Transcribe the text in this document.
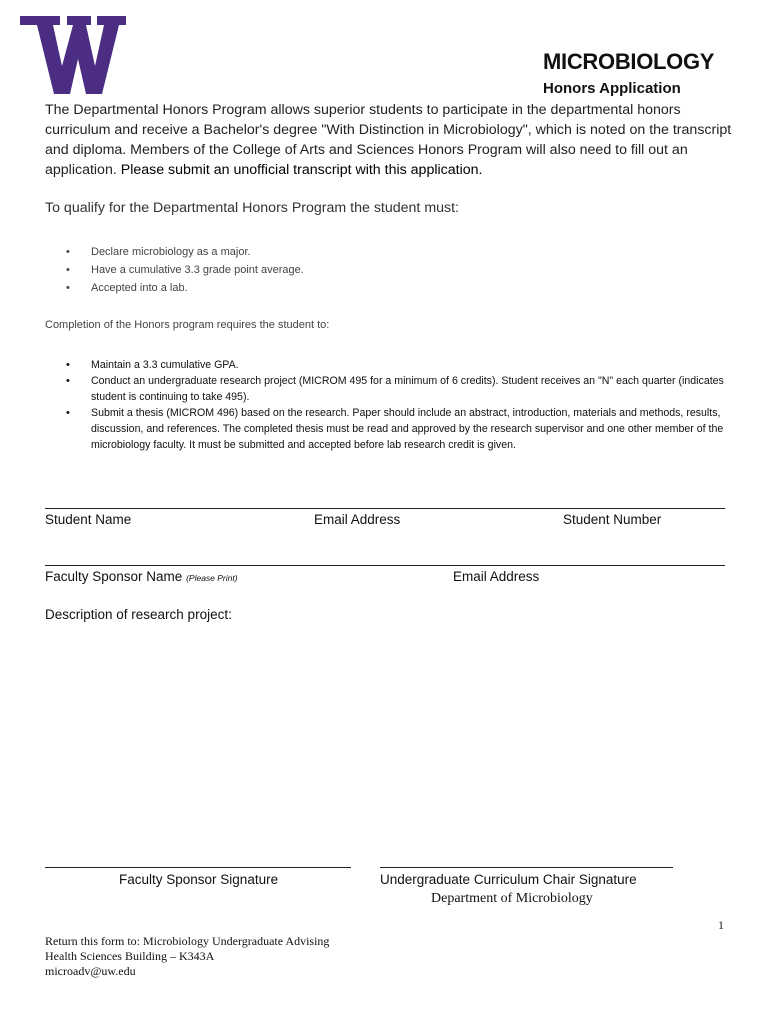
MICROBIOLOGY
Honors Application
The Departmental Honors Program allows superior students to participate in the departmental honors curriculum and receive a Bachelor's degree "With Distinction in Microbiology", which is noted on the transcript and diploma. Members of the College of Arts and Sciences Honors Program will also need to fill out an application. Please submit an unofficial transcript with this application.
To qualify for the Departmental Honors Program the student must:
• Declare microbiology as a major.
• Have a cumulative 3.3 grade point average.
• Accepted into a lab.
Completion of the Honors program requires the student to:
• Maintain a 3.3 cumulative GPA.
• Conduct an undergraduate research project (MICROM 495 for a minimum of 6 credits). Student receives an "N" each quarter (indicates student is continuing to take 495).
• Submit a thesis (MICROM 496) based on the research. Paper should include an abstract, introduction, materials and methods, results, discussion, and references. The completed thesis must be read and approved by the research supervisor and one other member of the microbiology faculty. It must be submitted and accepted before lab research credit is given.
Student Name	Email Address	Student Number
Faculty Sponsor Name (Please Print)	Email Address
Description of research project:
Faculty Sponsor Signature	Undergraduate Curriculum Chair Signature
Department of Microbiology
1
Return this form to: Microbiology Undergraduate Advising
Health Sciences Building – K343A
microadv@uw.edu
